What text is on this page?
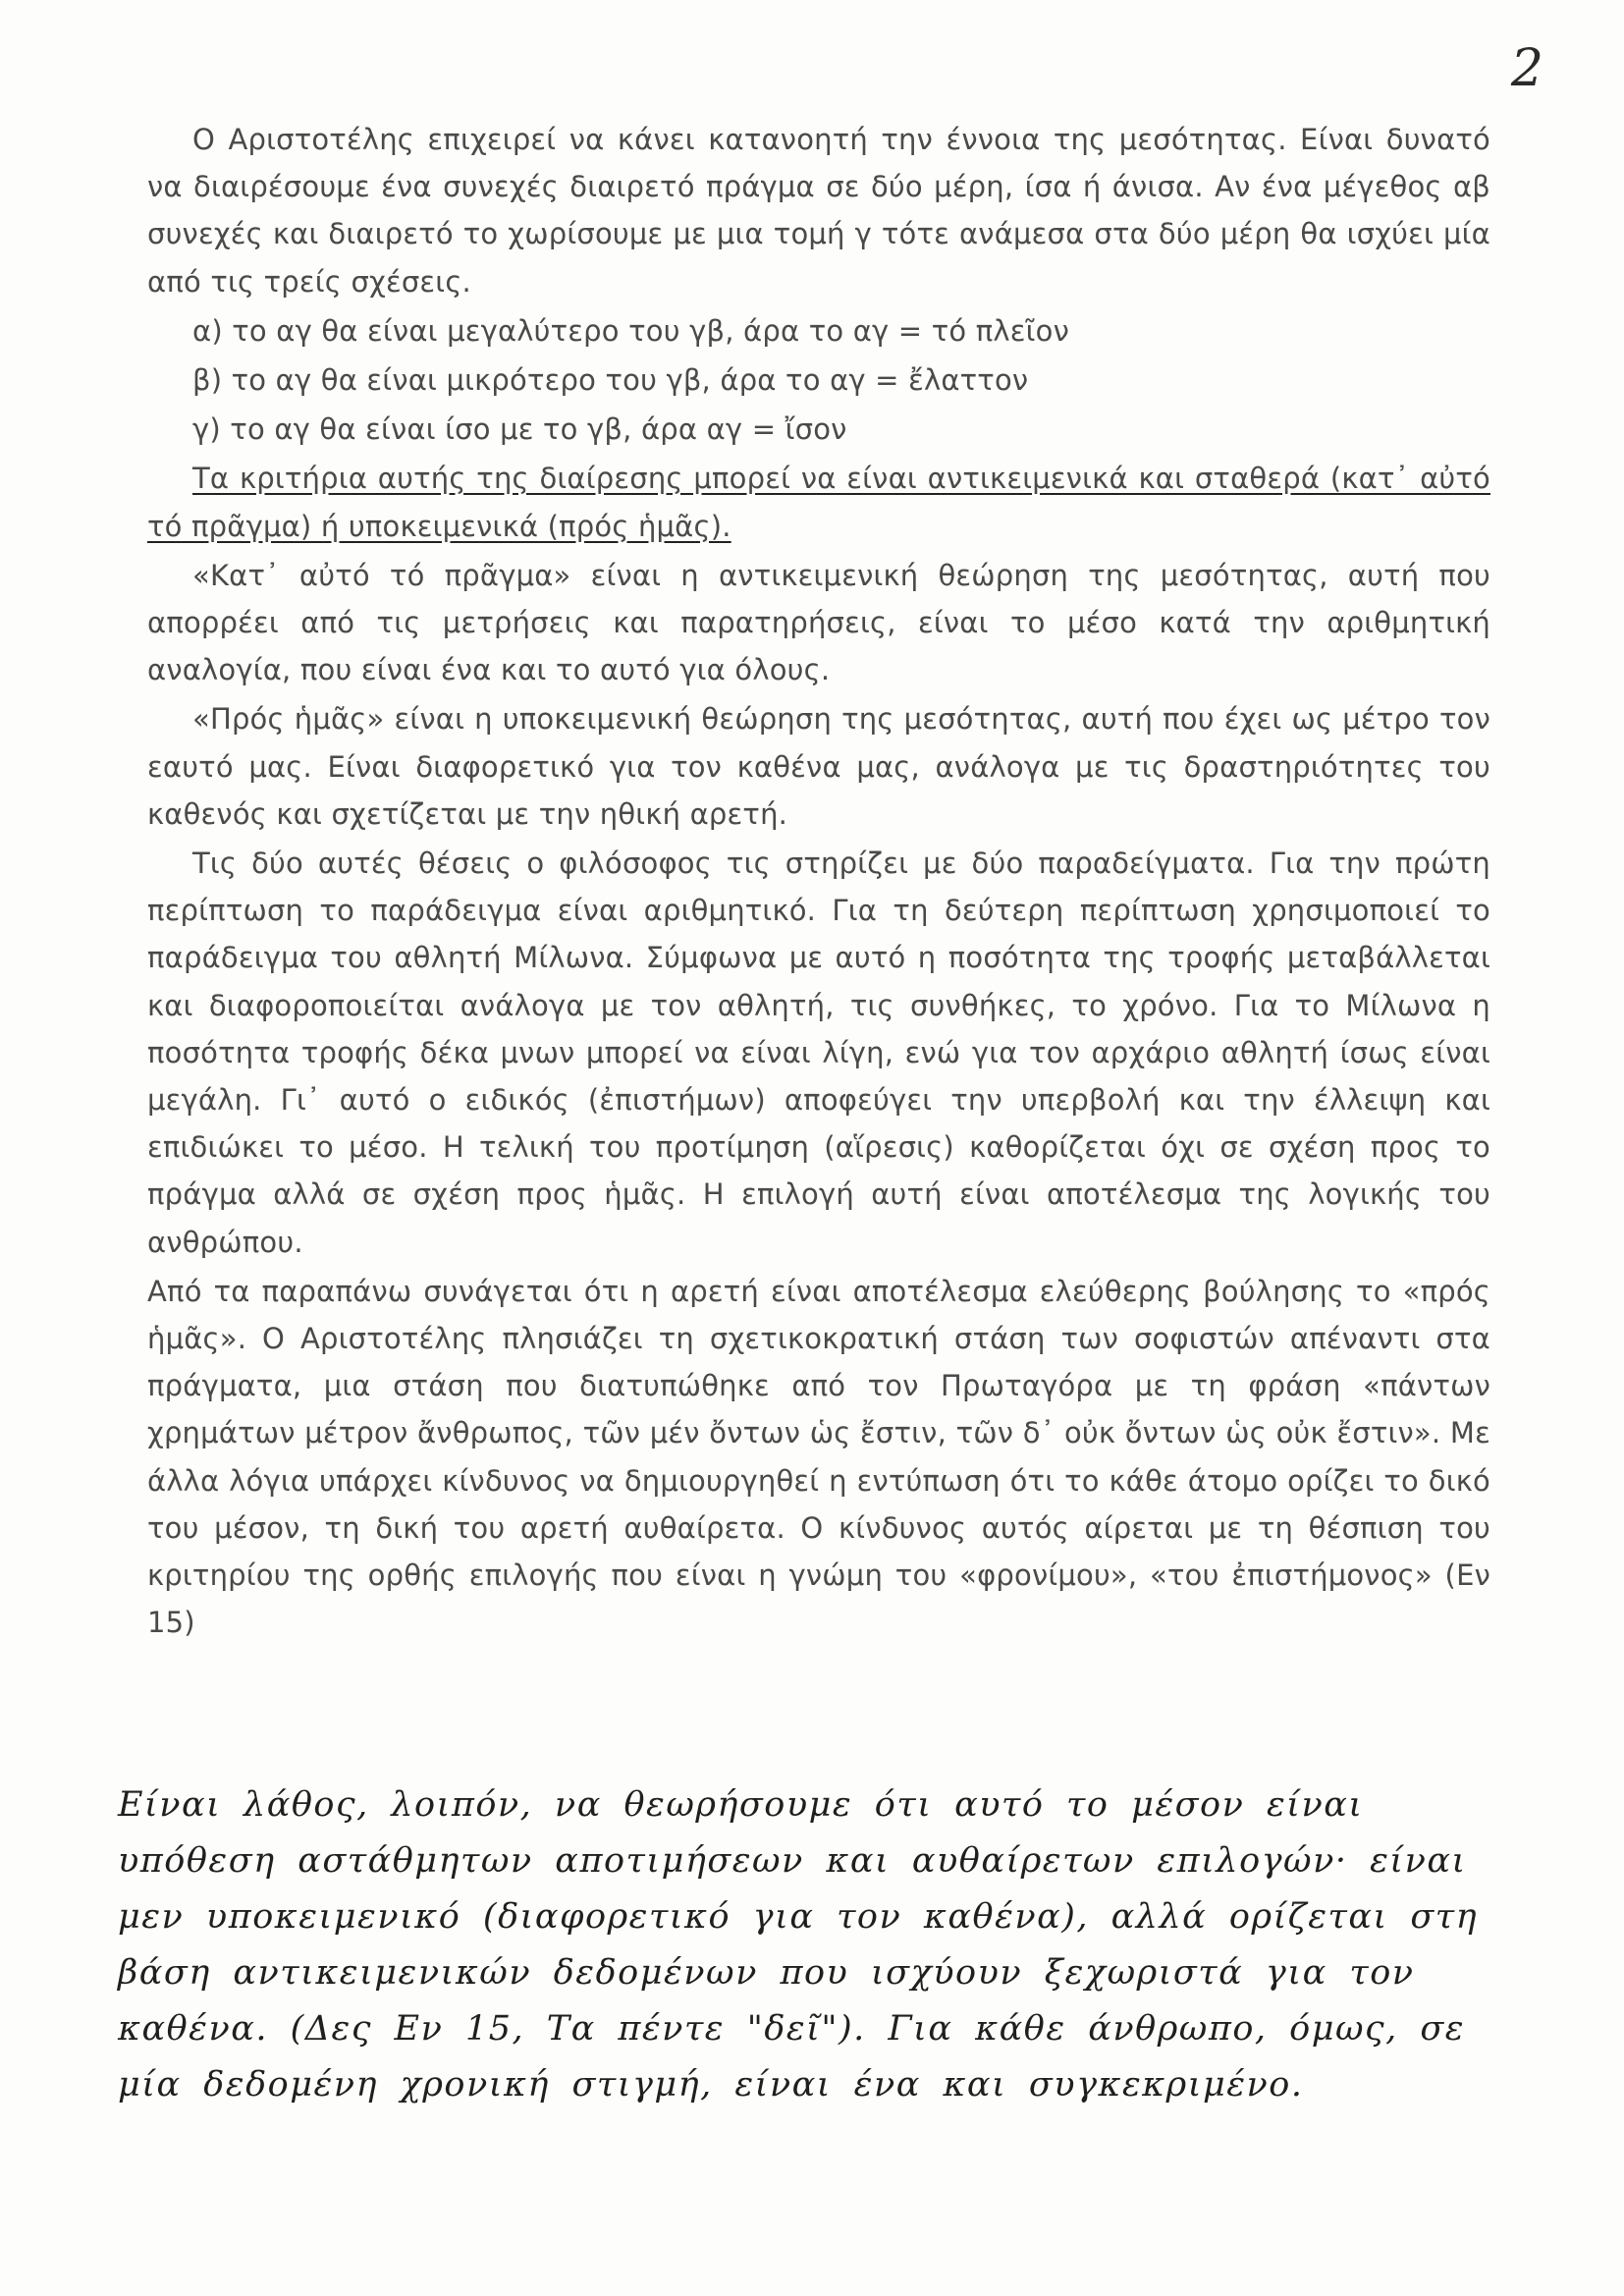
2

Ο Αριστοτέλης επιχειρεί να κάνει κατανοητή την έννοια της μεσότητας. Είναι δυνατό να διαιρέσουμε ένα συνεχές διαιρετό πράγμα σε δύο μέρη, ίσα ή άνισα. Αν ένα μέγεθος αβ συνεχές και διαιρετό το χωρίσουμε με μια τομή γ τότε ανάμεσα στα δύο μέρη θα ισχύει μία από τις τρείς σχέσεις.

α) το αγ θα είναι μεγαλύτερο του γβ, άρα το αγ = τό πλεῖον

β) το αγ θα είναι μικρότερο του γβ, άρα το αγ = ἔλαττον

γ) το αγ θα είναι ίσο με το γβ, άρα αγ = ἴσον

Τα κριτήρια αυτής της διαίρεσης μπορεί να είναι αντικειμενικά και σταθερά (κατ᾽ αὐτό τό πρᾶγμα) ή υποκειμενικά (πρός ἡμᾶς).

«Κατ᾽ αὐτό τό πρᾶγμα» είναι η αντικειμενική θεώρηση της μεσότητας, αυτή που απορρέει από τις μετρήσεις και παρατηρήσεις, είναι το μέσο κατά την αριθμητική αναλογία, που είναι ένα και το αυτό για όλους.

«Πρός ἡμᾶς» είναι η υποκειμενική θεώρηση της μεσότητας, αυτή που έχει ως μέτρο τον εαυτό μας. Είναι διαφορετικό για τον καθένα μας, ανάλογα με τις δραστηριότητες του καθενός και σχετίζεται με την ηθική αρετή.

Τις δύο αυτές θέσεις ο φιλόσοφος τις στηρίζει με δύο παραδείγματα. Για την πρώτη περίπτωση το παράδειγμα είναι αριθμητικό. Για τη δεύτερη περίπτωση χρησιμοποιεί το παράδειγμα του αθλητή Μίλωνα. Σύμφωνα με αυτό η ποσότητα της τροφής μεταβάλλεται και διαφοροποιείται ανάλογα με τον αθλητή, τις συνθήκες, το χρόνο. Για το Μίλωνα η ποσότητα τροφής δέκα μνων μπορεί να είναι λίγη, ενώ για τον αρχάριο αθλητή ίσως είναι μεγάλη. Γι᾽ αυτό ο ειδικός (ἐπιστήμων) αποφεύγει την υπερβολή και την έλλειψη και επιδιώκει το μέσο. Η τελική του προτίμηση (αἵρεσις) καθορίζεται όχι σε σχέση προς το πράγμα αλλά σε σχέση προς ἡμᾶς. Η επιλογή αυτή είναι αποτέλεσμα της λογικής του ανθρώπου.

Από τα παραπάνω συνάγεται ότι η αρετή είναι αποτέλεσμα ελεύθερης βούλησης το «πρός ἡμᾶς». Ο Αριστοτέλης πλησιάζει τη σχετικοκρατική στάση των σοφιστών απέναντι στα πράγματα, μια στάση που διατυπώθηκε από τον Πρωταγόρα με τη φράση «πάντων χρημάτων μέτρον ἄνθρωπος, τῶν μέν ὄντων ὡς ἔστιν, τῶν δ᾽ οὐκ ὄντων ὡς οὐκ ἔστιν». Με άλλα λόγια υπάρχει κίνδυνος να δημιουργηθεί η εντύπωση ότι το κάθε άτομο ορίζει το δικό του μέσον, τη δική του αρετή αυθαίρετα. Ο κίνδυνος αυτός αίρεται με τη θέσπιση του κριτηρίου της ορθής επιλογής που είναι η γνώμη του «φρονίμου», «του ἐπιστήμονος» (Εν 15)

Είναι λάθος, λοιπόν, να θεωρήσουμε ότι αυτό το μέσον είναι υπόθεση αστάθμητων αποτιμήσεων και αυθαίρετων επιλογών· είναι μεν υποκειμενικό (διαφορετικό για τον καθένα), αλλά ορίζεται στη βάση αντικειμενικών δεδομένων που ισχύουν ξεχωριστά για τον καθένα. (Δες Εν 15, Τα πέντε "δεῖ"). Για κάθε άνθρωπο, όμως, σε μία δεδομένη χρονική στιγμή, είναι ένα και συγκεκριμένο.
